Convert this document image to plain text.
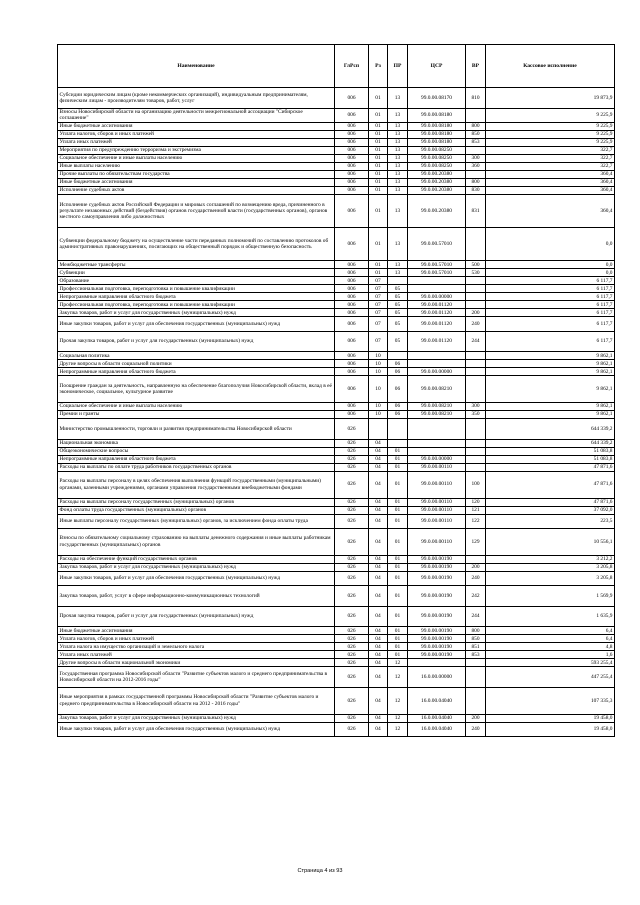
Наименование	ГлРсп	Рз	ПР	ЦСР	ВР	Кассовое исполнение
Субсидии юридическим лицам (кроме некоммерческих организаций), индивидуальным предпринимателям, физическим лицам - производителям товаров, работ, услуг	006	01	13	99.0.00.08170	810	19 873,9
Взносы Новосибирской области на организацию деятельности межрегиональной ассоциации "Сибирское соглашение"	006	01	13	99.0.00.08180		9 225,9
Иные бюджетные ассигнования	006	01	13	99.0.00.08180	800	9 225,9
Уплата налогов, сборов и иных платежей	006	01	13	99.0.00.08180	850	9 225,9
Уплата иных платежей	006	01	13	99.0.00.08180	853	9 225,9
Мероприятия по предупреждению терроризма и экстремизма	006	01	13	99.0.00.08250		322,7
Социальное обеспечение и иные выплаты населению	006	01	13	99.0.00.08250	300	322,7
Иные выплаты населению	006	01	13	99.0.00.08250	360	322,7
Прочие выплаты по обязательствам государства	006	01	13	99.0.00.20380		360,4
Иные бюджетные ассигнования	006	01	13	99.0.00.20380	800	360,4
Исполнение судебных актов	006	01	13	99.0.00.20380	830	360,4
Исполнение судебных актов Российской Федерации и мировых соглашений по возмещению вреда, причиненного в результате незаконных действий (бездействия) органов государственной власти (государственных органов), органов местного самоуправления либо должностных	006	01	13	99.0.00.20380	831	360,4
Субвенции федеральному бюджету на осуществление части переданных полномочий по составлению протоколов об административных правонарушениях, посягающих на общественный порядок и общественную безопасность	006	01	13	99.0.00.57010		0,0
Межбюджетные трансферты	006	01	13	99.0.00.57010	500	0,0
Субвенции	006	01	13	99.0.00.57010	530	0,0
Образование	006	07				6 117,7
Профессиональная подготовка, переподготовка и повышение квалификации	006	07	05			6 117,7
Непрограммные направления областного бюджета	006	07	05	99.0.00.00000		6 117,7
Профессиональная подготовка, переподготовка и повышение квалификации	006	07	05	99.0.00.01120		6 117,7
Закупка товаров, работ и услуг для государственных (муниципальных) нужд	006	07	05	99.0.00.01120	200	6 117,7
Иные закупки товаров, работ и услуг для обеспечения государственных (муниципальных) нужд	006	07	05	99.0.00.01120	240	6 117,7
Прочая закупка товаров, работ и услуг для государственных (муниципальных) нужд	006	07	05	99.0.00.01120	244	6 117,7
Социальная политика	006	10				9 862,1
Другие вопросы в области социальной политики	006	10	06			9 862,1
Непрограммные направления областного бюджета	006	10	06	99.0.00.00000		9 862,1
Поощрение граждан за деятельность, направленную на обеспечение благополучия Новосибирской области, вклад в её экономическое, социальное, культурное развитие	006	10	06	99.0.00.08210		9 862,1
Социальное обеспечение и иные выплаты населению	006	10	06	99.0.00.08210	300	9 862,1
Премии и гранты	006	10	06	99.0.00.08210	350	9 862,1
Министерство промышленности, торговли и развития предпринимательства Новосибирской области	026					644 339,2
Национальная экономика	026	04				644 339,2
Общеэкономические вопросы	026	04	01			51 083,8
Непрограммные направления областного бюджета	026	04	01	99.0.00.00000		51 083,8
Расходы на выплаты по оплате труда работников государственных органов	026	04	01	99.0.00.00110		47 871,6
Расходы на выплаты персоналу в целях обеспечения выполнения функций государственными (муниципальными) органами, казенными учреждениями, органами управления государственными внебюджетными фондами	026	04	01	99.0.00.00110	100	47 871,6
Расходы на выплаты персоналу государственных (муниципальных) органов	026	04	01	99.0.00.00110	120	47 871,6
Фонд оплаты труда государственных (муниципальных) органов	026	04	01	99.0.00.00110	121	37 092,0
Иные выплаты персоналу государственных (муниципальных) органов, за исключением фонда оплаты труда	026	04	01	99.0.00.00110	122	223,5
Взносы по обязательному социальному страхованию на выплаты денежного содержания и иные выплаты работникам государственных (муниципальных) органов	026	04	01	99.0.00.00110	129	10 556,1
Расходы на обеспечение функций государственных органов	026	04	01	99.0.00.00190		3 212,2
Закупка товаров, работ и услуг для государственных (муниципальных) нужд	026	04	01	99.0.00.00190	200	3 205,8
Иные закупки товаров, работ и услуг для обеспечения государственных (муниципальных) нужд	026	04	01	99.0.00.00190	240	3 205,8
Закупка товаров, работ, услуг в сфере информационно-коммуникационных технологий	026	04	01	99.0.00.00190	242	1 569,9
Прочая закупка товаров, работ и услуг для государственных (муниципальных) нужд	026	04	01	99.0.00.00190	244	1 635,9
Иные бюджетные ассигнования	026	04	01	99.0.00.00190	800	6,4
Уплата налогов, сборов и иных платежей	026	04	01	99.0.00.00190	850	6,4
Уплата налога на имущество организаций и земельного налога	026	04	01	99.0.00.00190	851	4,8
Уплата иных платежей	026	04	01	99.0.00.00190	853	1,6
Другие вопросы в области национальной экономики	026	04	12			593 255,4
Государственная программа Новосибирской области "Развитие субъектов малого и среднего предпринимательства в Новосибирской области на 2012-2016 годы"	026	04	12	16.0.00.00000		447 255,4
Иные мероприятия в рамках государственной программы Новосибирской области "Развитие субъектов малого и среднего предпринимательства в Новосибирской области на 2012 - 2016 годы"	026	04	12	16.0.00.04040		107 335,3
Закупка товаров, работ и услуг для государственных (муниципальных) нужд	026	04	12	16.0.00.04040	200	19 458,0
Иные закупки товаров, работ и услуг для обеспечения государственных (муниципальных) нужд	026	04	12	16.0.00.04040	240	19 458,0
Страница 4 из 93
